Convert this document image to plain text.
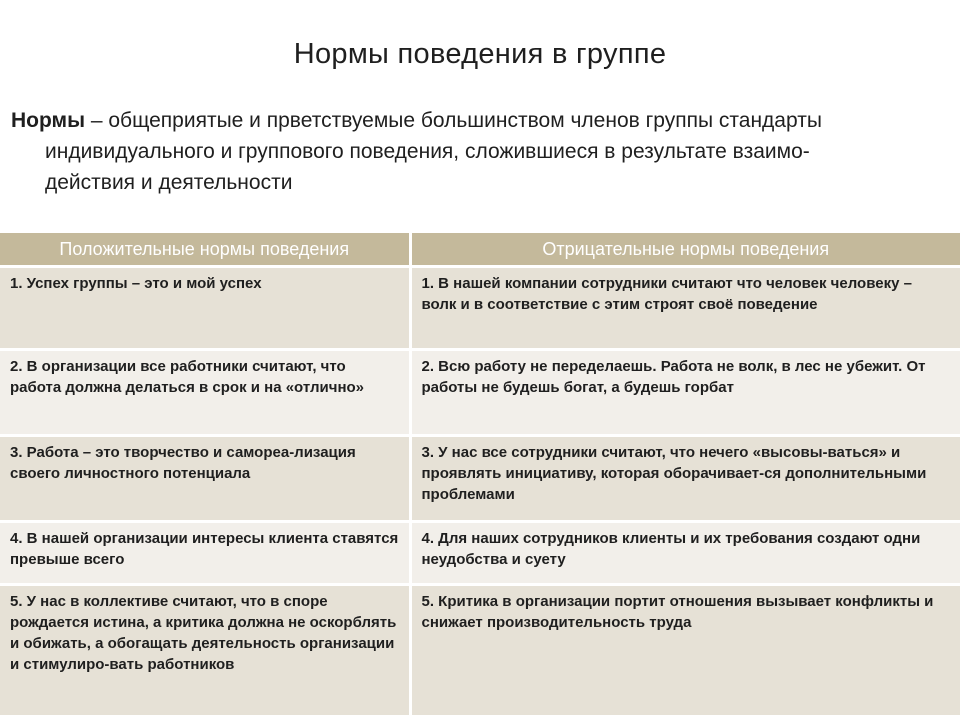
Нормы поведения в группе
Нормы – общеприятые и прветствуемые большинством членов группы стандарты
индивидуального и группового поведения, сложившиеся в результате взаимо-
действия и деятельности
Положительные нормы поведения	Отрицательные нормы поведения
1. Успех группы – это и мой успех	1. В нашей компании сотрудники считают что человек человеку – волк и в соответствие с этим строят своё поведение
2. В организации все работники считают, что работа должна делаться в срок и на «отлично»	2. Всю работу не переделаешь. Работа не волк, в лес не убежит. От работы не будешь богат, а будешь горбат
3. Работа – это творчество и самореа-лизация своего личностного потенциала	3. У нас все сотрудники считают, что нечего «высовы-ваться» и проявлять инициативу, которая оборачивает-ся дополнительными проблемами
4. В нашей организации интересы клиента ставятся превыше всего	4. Для наших сотрудников клиенты и их требования создают одни неудобства и суету
5. У нас в коллективе считают, что в споре рождается истина, а критика должна не оскорблять и обижать, а обогащать деятельность организации и стимулиро-вать работников	5. Критика в организации портит отношения вызывает конфликты и снижает производительность труда
